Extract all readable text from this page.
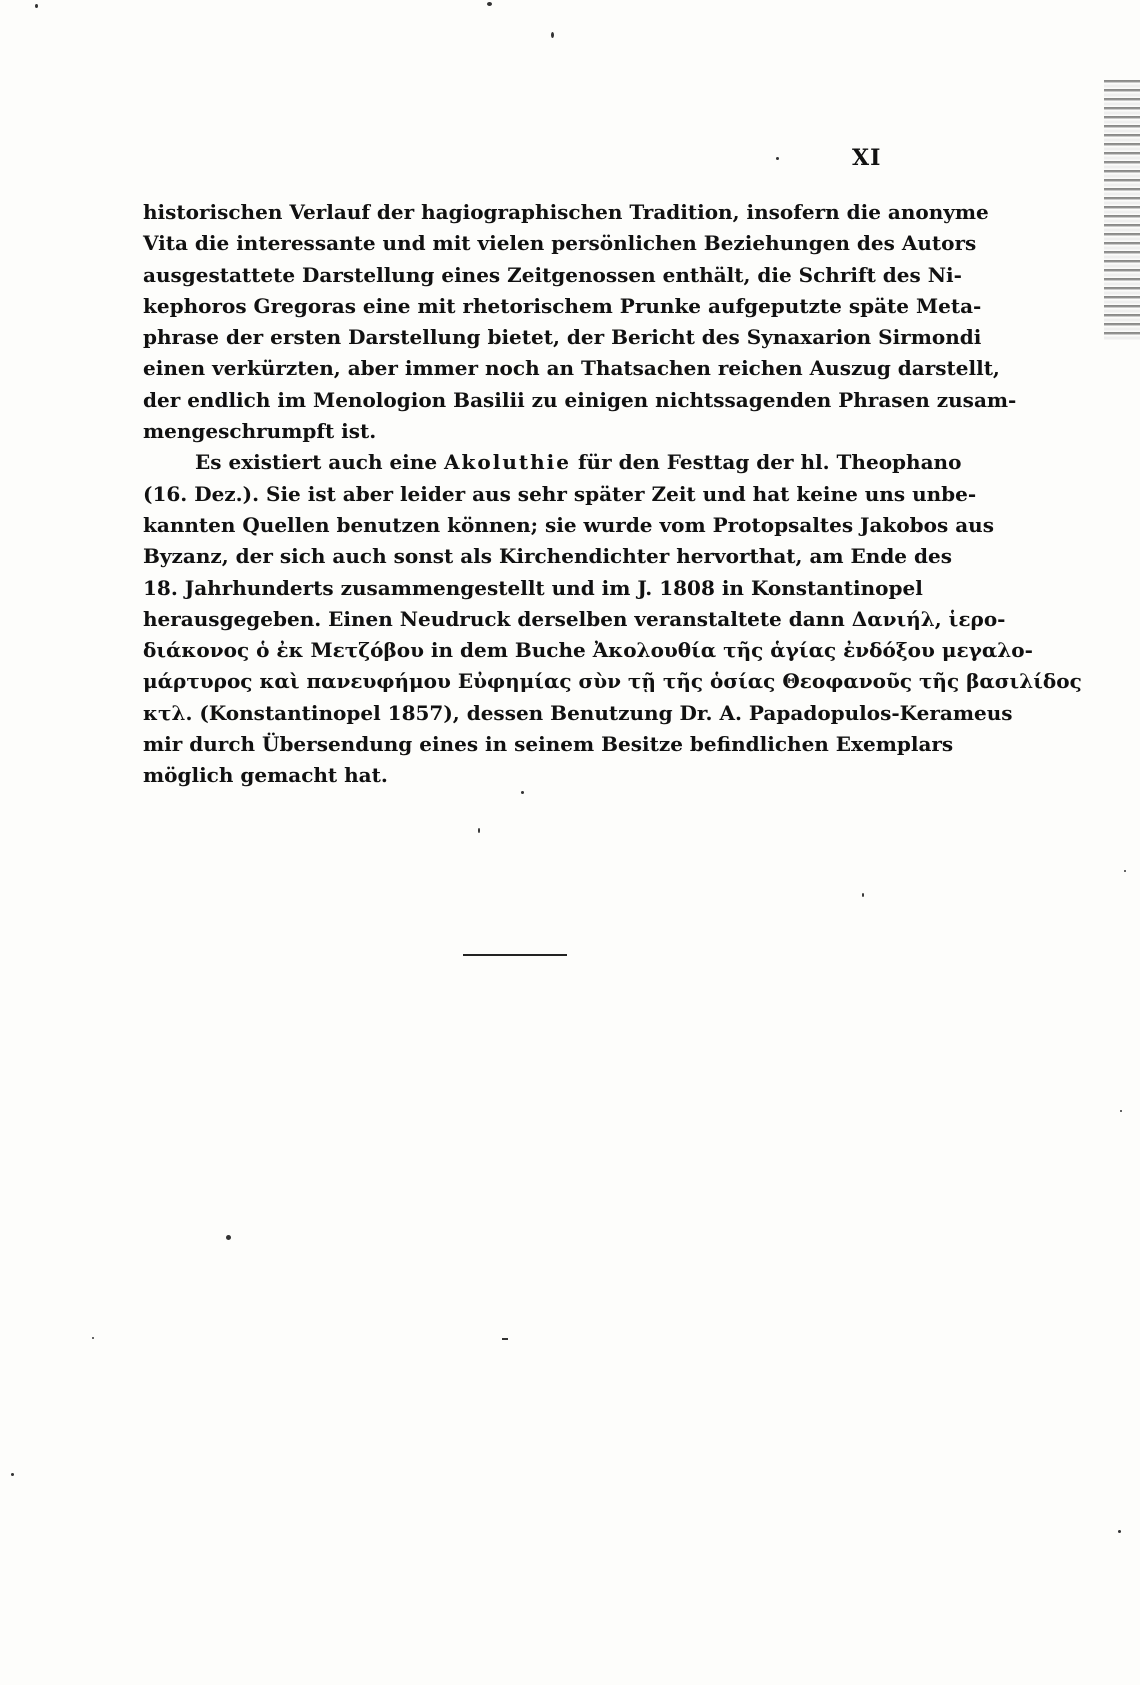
XI

historischen Verlauf der hagiographischen Tradition, insofern die anonyme
Vita die interessante und mit vielen persönlichen Beziehungen des Autors
ausgestattete Darstellung eines Zeitgenossen enthält, die Schrift des Ni-
kephoros Gregoras eine mit rhetorischem Prunke aufgeputzte späte Meta-
phrase der ersten Darstellung bietet, der Bericht des Synaxarion Sirmondi
einen verkürzten, aber immer noch an Thatsachen reichen Auszug darstellt,
der endlich im Menologion Basilii zu einigen nichtssagenden Phrasen zusam-
mengeschrumpft ist.

Es existiert auch eine Akoluthie für den Festtag der hl. Theophano
(16. Dez.). Sie ist aber leider aus sehr später Zeit und hat keine uns unbe-
kannten Quellen benutzen können; sie wurde vom Protopsaltes Jakobos aus
Byzanz, der sich auch sonst als Kirchendichter hervorthat, am Ende des
18. Jahrhunderts zusammengestellt und im J. 1808 in Konstantinopel
herausgegeben. Einen Neudruck derselben veranstaltete dann Δανιήλ, ἱερο-
διάκονος ὁ ἐκ Μετζόβου in dem Buche Ἀκολουθία τῆς ἁγίας ἐνδόξου μεγαλο-
μάρτυρος καὶ πανευφήμου Εὐφημίας σὺν τῇ τῆς ὁσίας Θεοφανοῦς τῆς βασιλίδος
κτλ. (Konstantinopel 1857), dessen Benutzung Dr. A. Papadopulos-Kerameus
mir durch Übersendung eines in seinem Besitze befindlichen Exemplars
möglich gemacht hat.
